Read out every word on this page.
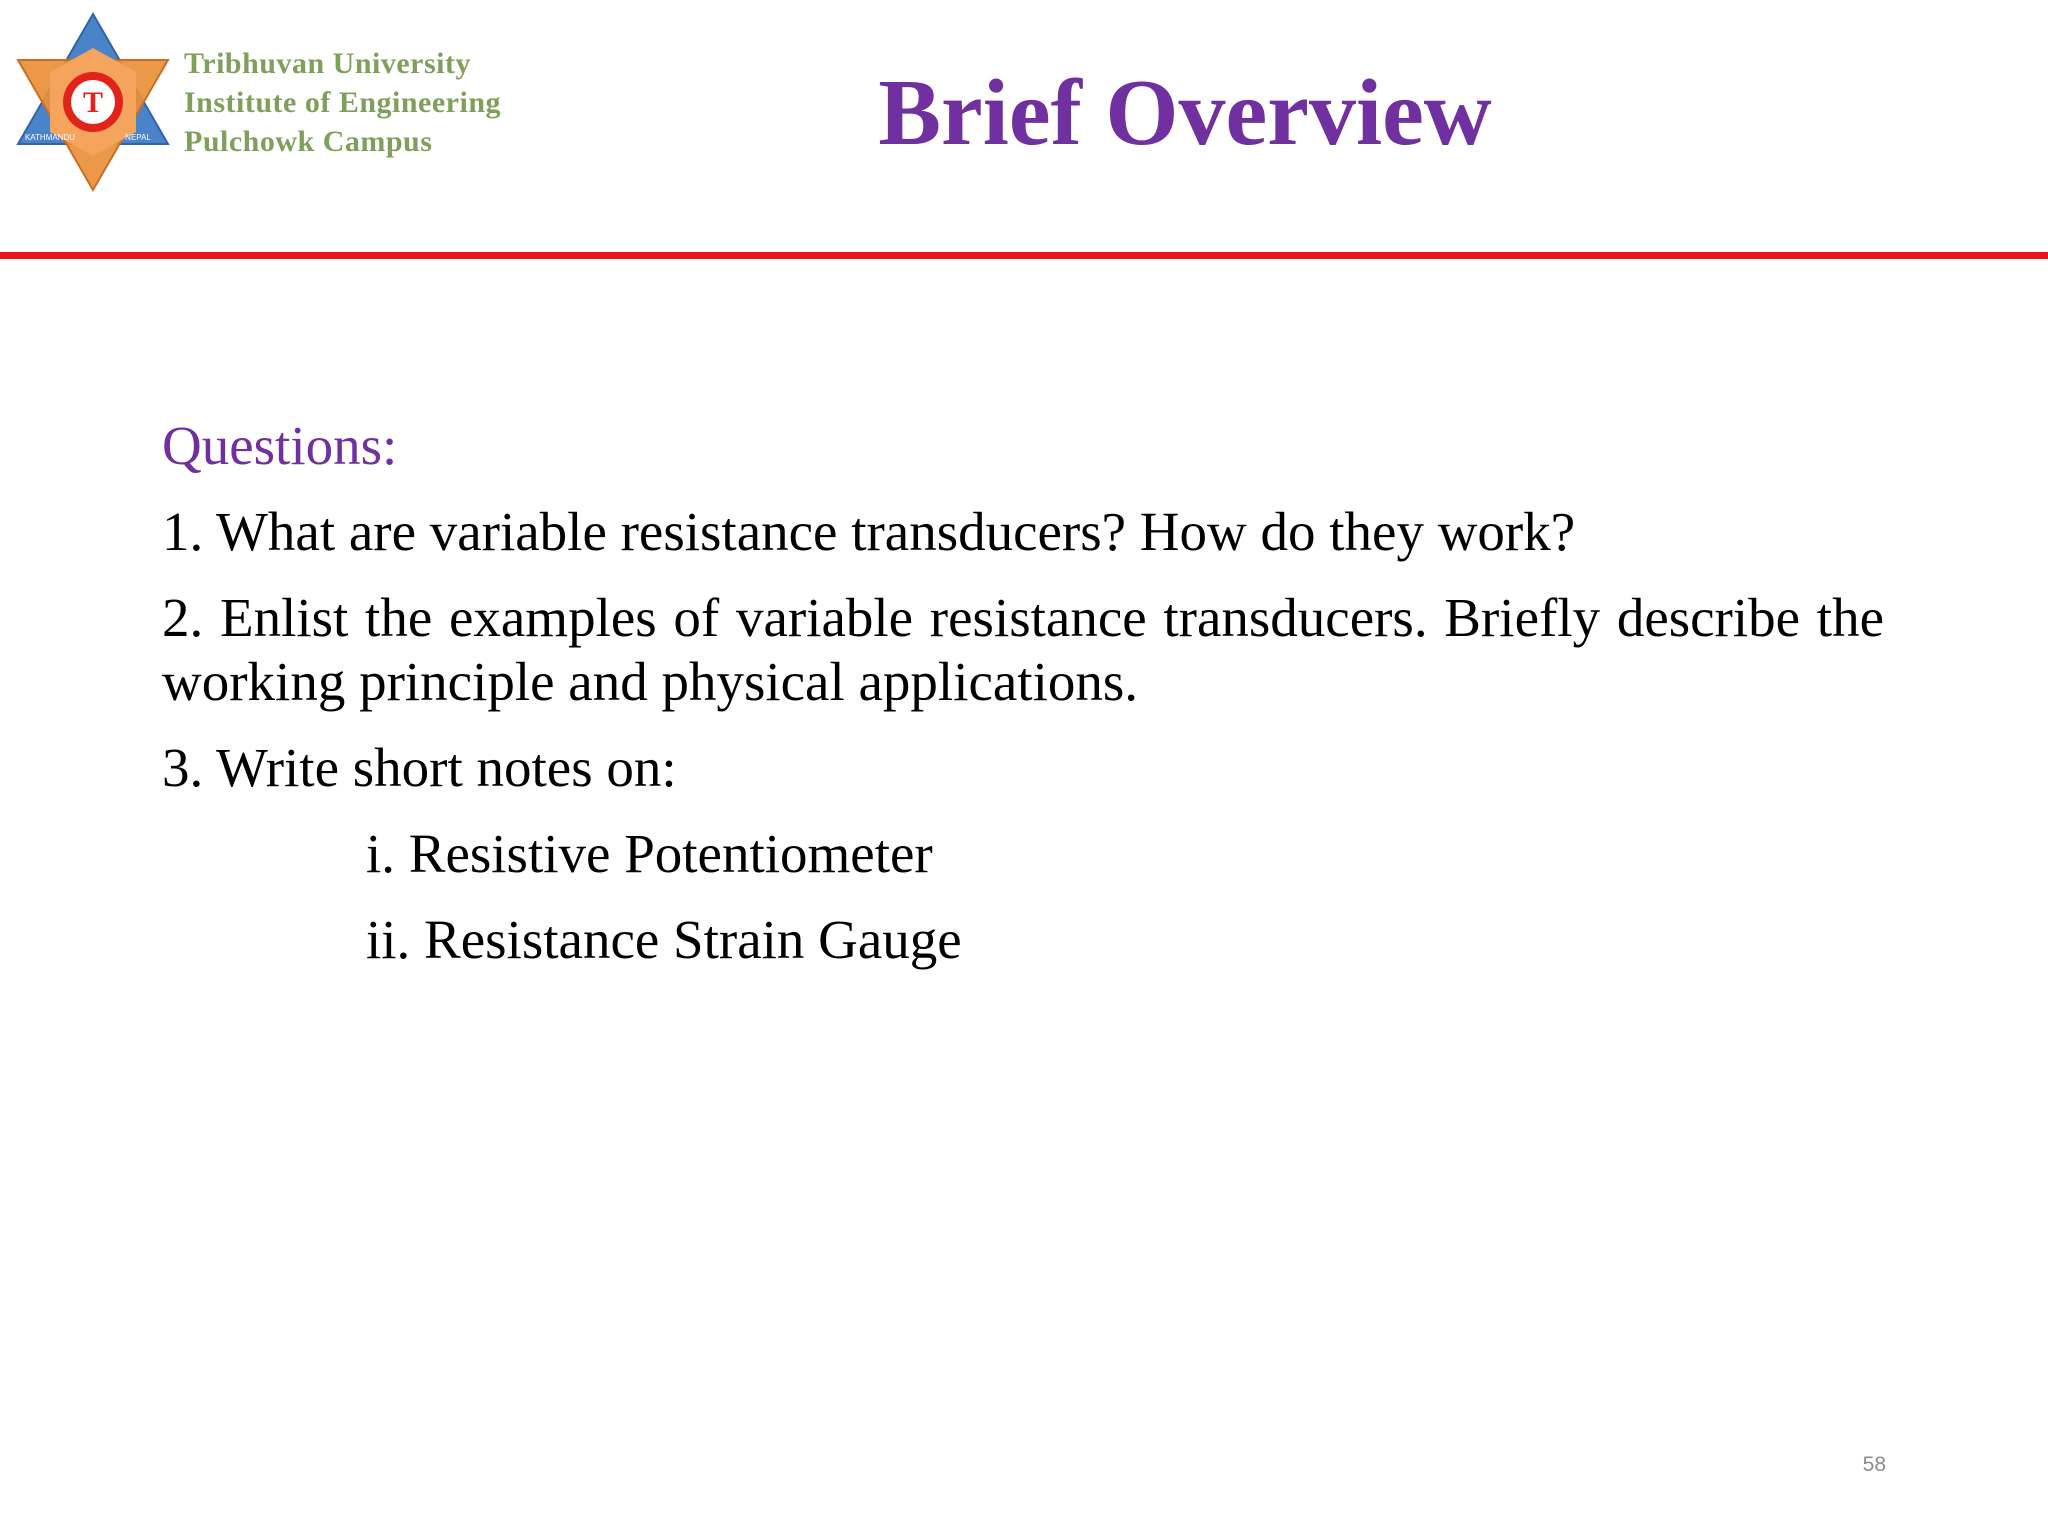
T
KATHMANDU	NEPAL
Tribhuvan University
Institute of Engineering
Pulchowk Campus	Brief Overview
Questions:
1. What are variable resistance transducers? How do they work?
2. Enlist the examples of variable resistance transducers. Briefly describe the working principle and physical applications.
3. Write short notes on:
i. Resistive Potentiometer
ii. Resistance Strain Gauge
58
